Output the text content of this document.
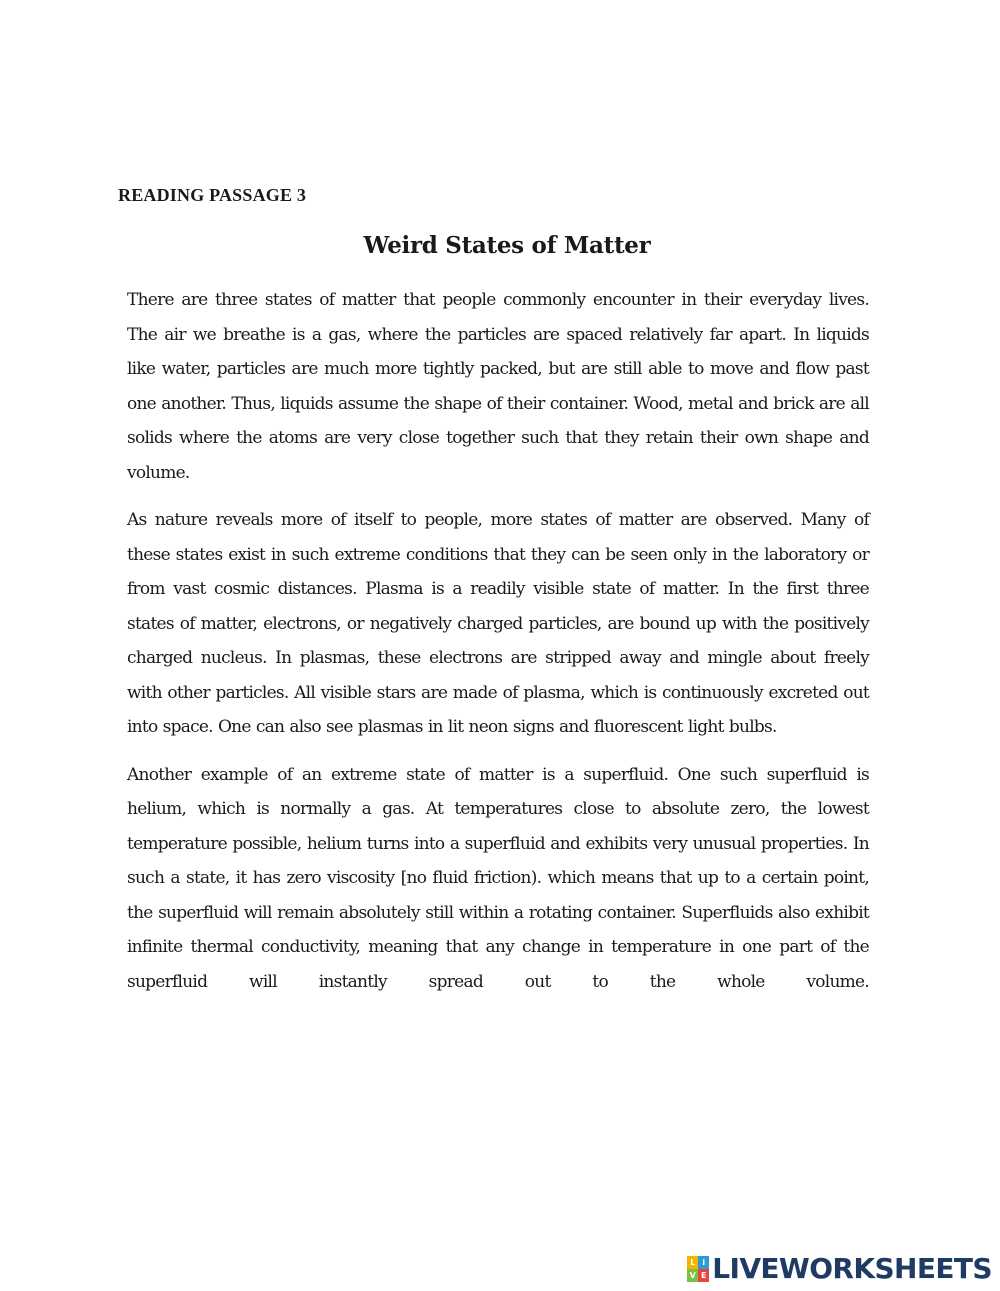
READING PASSAGE 3
Weird States of Matter

There are three states of matter that people commonly encounter in their everyday lives. The air we breathe is a gas, where the particles are spaced relatively far apart. In liquids like water, particles are much more tightly packed, but are still able to move and flow past one another. Thus, liquids assume the shape of their container. Wood, metal and brick are all solids where the atoms are very close together such that they retain their own shape and volume.

As nature reveals more of itself to people, more states of matter are observed. Many of these states exist in such extreme conditions that they can be seen only in the laboratory or from vast cosmic distances. Plasma is a readily visible state of matter. In the first three states of matter, electrons, or negatively charged particles, are bound up with the positively charged nucleus. In plasmas, these electrons are stripped away and mingle about freely with other particles. All visible stars are made of plasma, which is continuously excreted out into space. One can also see plasmas in lit neon signs and fluorescent light bulbs.

Another example of an extreme state of matter is a superfluid. One such superfluid is helium, which is normally a gas. At temperatures close to absolute zero, the lowest temperature possible, helium turns into a superfluid and exhibits very unusual properties. In such a state, it has zero viscosity [no fluid friction). which means that up to a certain point, the superfluid will remain absolutely still within a rotating container. Superfluids also exhibit infinite thermal conductivity, meaning that any change in temperature in one part of the superfluid will instantly spread out to the whole volume.

L i
V E LIVEWORKSHEETS
